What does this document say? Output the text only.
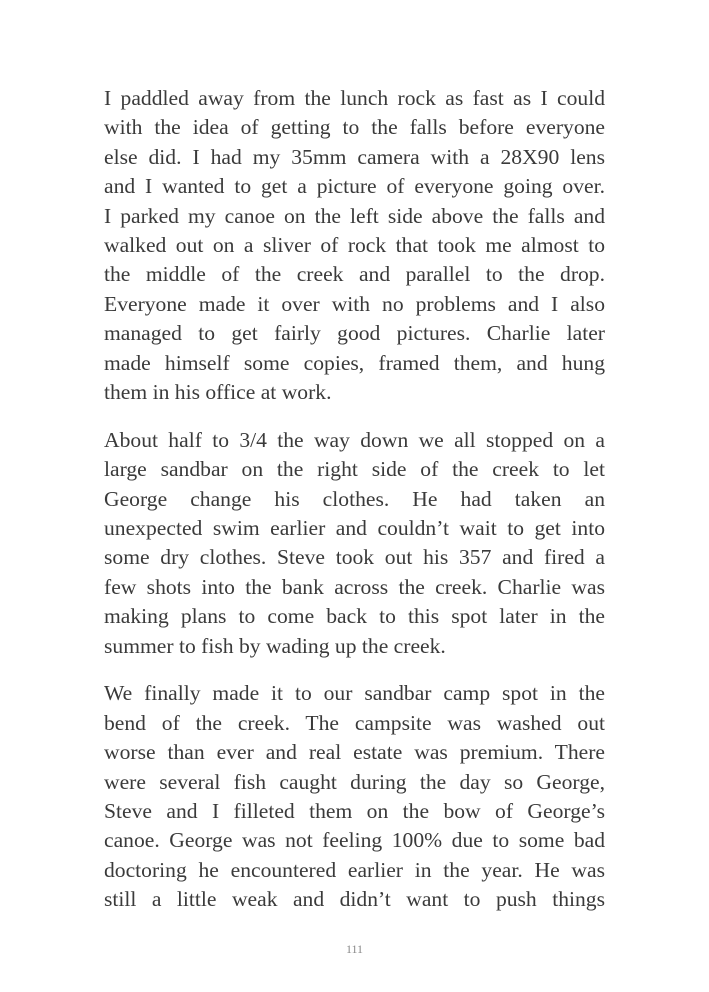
I paddled away from the lunch rock as fast as I could
with the idea of getting to the falls before everyone
else did. I had my 35mm camera with a 28X90 lens
and I wanted to get a picture of everyone going over.
I parked my canoe on the left side above the falls and
walked out on a sliver of rock that took me almost to
the middle of the creek and parallel to the drop.
Everyone made it over with no problems and I also
managed to get fairly good pictures. Charlie later
made himself some copies, framed them, and hung
them in his office at work.
About half to 3/4 the way down we all stopped on a
large sandbar on the right side of the creek to let
George change his clothes. He had taken an
unexpected swim earlier and couldn’t wait to get into
some dry clothes. Steve took out his 357 and fired a
few shots into the bank across the creek. Charlie was
making plans to come back to this spot later in the
summer to fish by wading up the creek.
We finally made it to our sandbar camp spot in the
bend of the creek. The campsite was washed out
worse than ever and real estate was premium. There
were several fish caught during the day so George,
Steve and I filleted them on the bow of George’s
canoe. George was not feeling 100% due to some bad
doctoring he encountered earlier in the year. He was
still a little weak and didn’t want to push things
111
